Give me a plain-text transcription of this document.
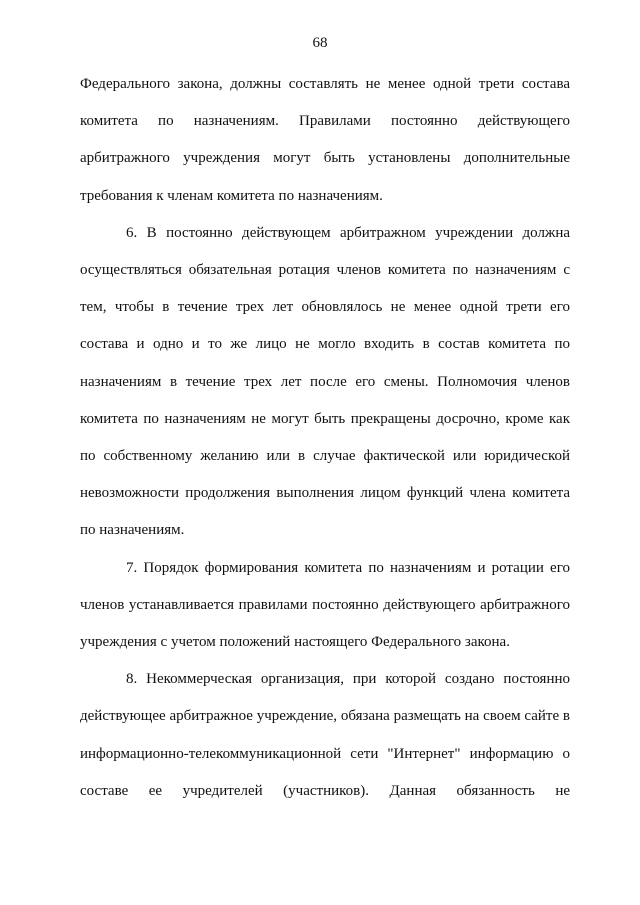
68

Федерального закона, должны составлять не менее одной трети состава комитета по назначениям. Правилами постоянно действующего арбитражного учреждения могут быть установлены дополнительные требования к членам комитета по назначениям.

6. В постоянно действующем арбитражном учреждении должна осуществляться обязательная ротация членов комитета по назначениям с тем, чтобы в течение трех лет обновлялось не менее одной трети его состава и одно и то же лицо не могло входить в состав комитета по назначениям в течение трех лет после его смены. Полномочия членов комитета по назначениям не могут быть прекращены досрочно, кроме как по собственному желанию или в случае фактической или юридической невозможности продолжения выполнения лицом функций члена комитета по назначениям.

7. Порядок формирования комитета по назначениям и ротации его членов устанавливается правилами постоянно действующего арбитражного учреждения с учетом положений настоящего Федерального закона.

8. Некоммерческая организация, при которой создано постоянно действующее арбитражное учреждение, обязана размещать на своем сайте в информационно-телекоммуникационной сети "Интернет" информацию о составе ее учредителей (участников). Данная обязанность не
